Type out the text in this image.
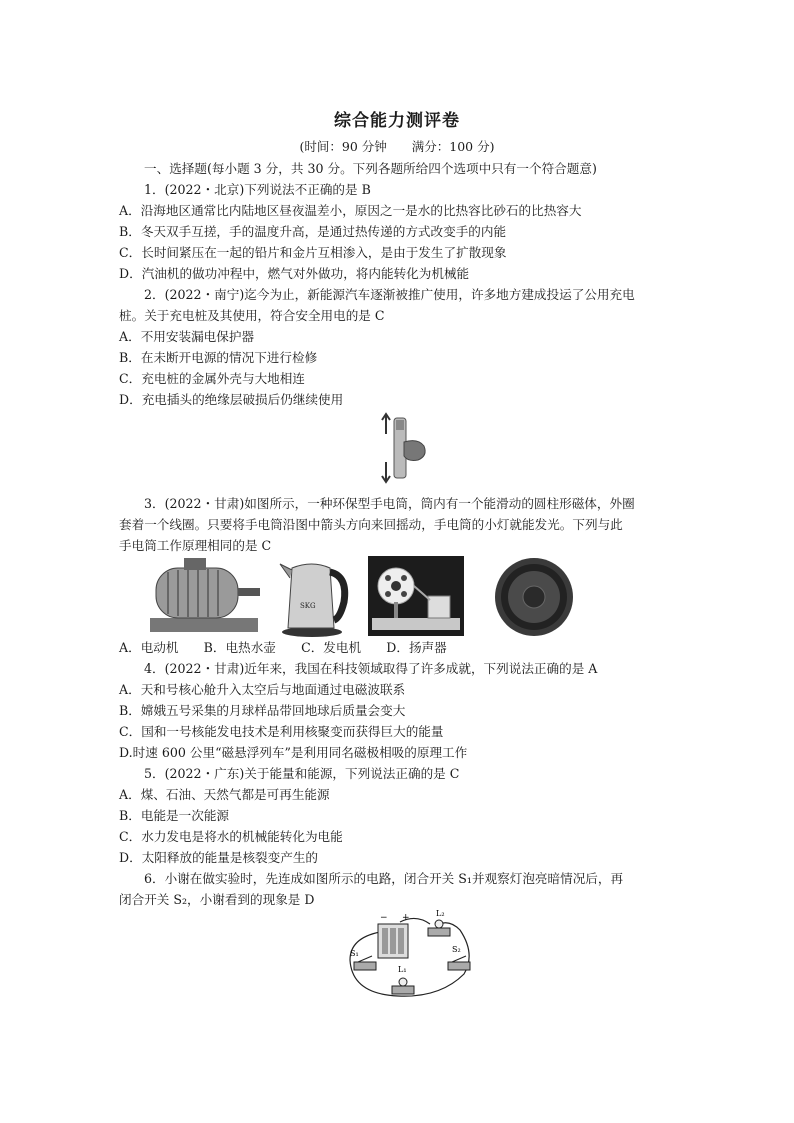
综合能力测评卷
(时间：90 分钟　　满分：100 分)
一、选择题(每小题 3 分，共 30 分。下列各题所给四个选项中只有一个符合题意)
1．(2022・北京)下列说法不正确的是 B
A．沿海地区通常比内陆地区昼夜温差小，原因之一是水的比热容比砂石的比热容大
B．冬天双手互搓，手的温度升高，是通过热传递的方式改变手的内能
C．长时间紧压在一起的铅片和金片互相渗入，是由于发生了扩散现象
D．汽油机的做功冲程中，燃气对外做功，将内能转化为机械能
2．(2022・南宁)迄今为止，新能源汽车逐渐被推广使用，许多地方建成投运了公用充电
桩。关于充电桩及其使用，符合安全用电的是 C
A．不用安装漏电保护器
B．在未断开电源的情况下进行检修
C．充电桩的金属外壳与大地相连
D．充电插头的绝缘层破损后仍继续使用
3．(2022・甘肃)如图所示，一种环保型手电筒，筒内有一个能滑动的圆柱形磁体，外圈
套着一个线圈。只要将手电筒沿图中箭头方向来回摇动，手电筒的小灯就能发光。下列与此
手电筒工作原理相同的是 C
SKG
A．电动机　　B．电热水壶　　C．发电机　　D．扬声器
4．(2022・甘肃)近年来，我国在科技领域取得了许多成就，下列说法正确的是 A
A．天和号核心舱升入太空后与地面通过电磁波联系
B．嫦娥五号采集的月球样品带回地球后质量会变大
C．国和一号核能发电技术是利用核聚变而获得巨大的能量
D.时速 600 公里“磁悬浮列车”是利用同名磁极相吸的原理工作
5．(2022・广东)关于能量和能源，下列说法正确的是 C
A．煤、石油、天然气都是可再生能源
B．电能是一次能源
C．水力发电是将水的机械能转化为电能
D．太阳释放的能量是核裂变产生的
6．小谢在做实验时，先连成如图所示的电路，闭合开关 S₁并观察灯泡亮暗情况后，再
闭合开关 S₂，小谢看到的现象是 D
+
−	L₂
S₁
L₁
S₂
